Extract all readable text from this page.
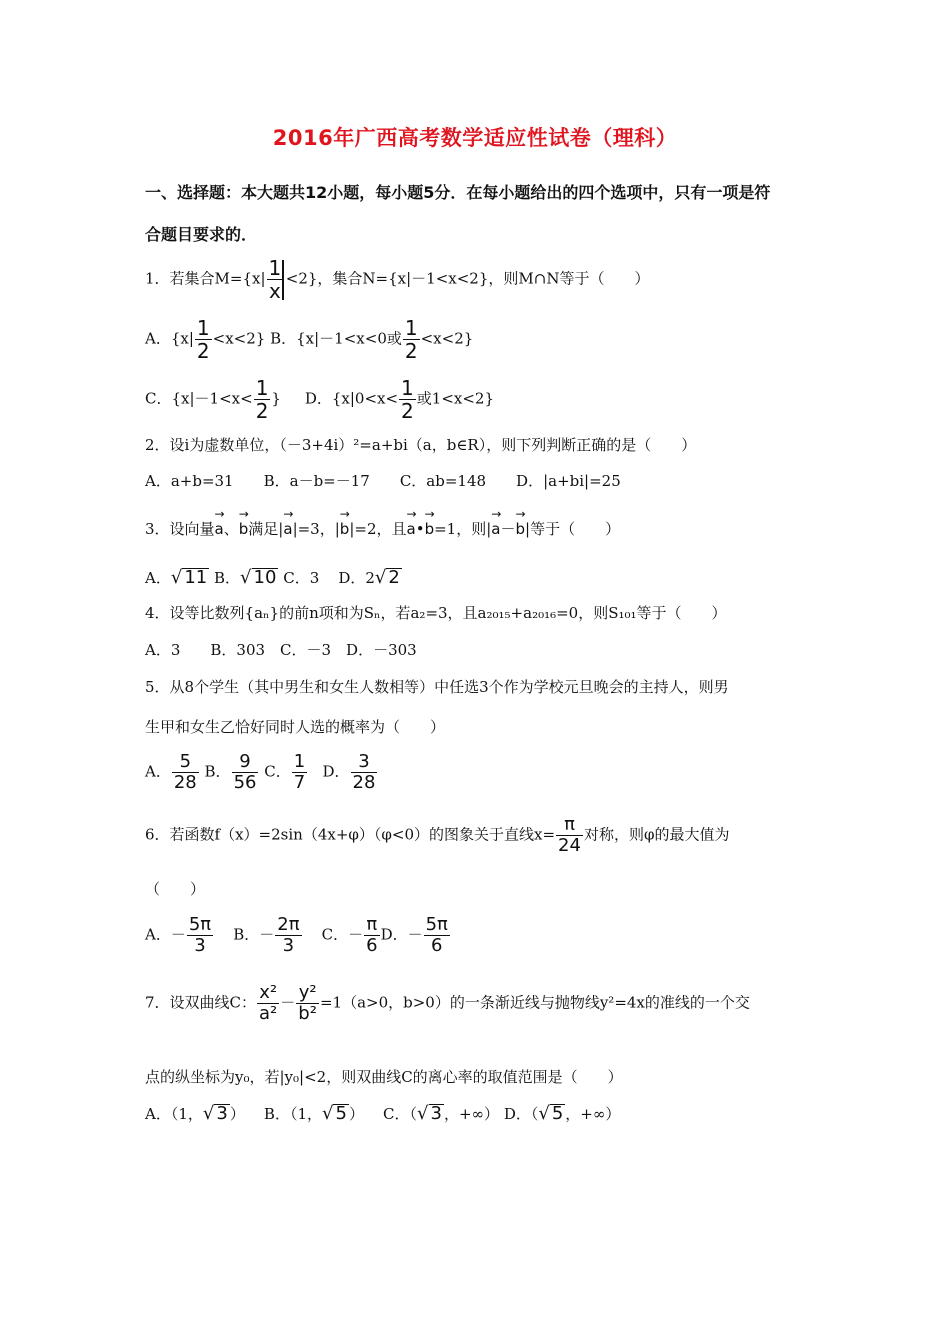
2016年广西高考数学适应性试卷（理科）
一、选择题：本大题共12小题，每小题5分．在每小题给出的四个选项中，只有一项是符
合题目要求的．
1．若集合$M=\{x| \frac{1}{x} <2\}$，集合N={x|－1<x<2}，则M∩N等于（　　）
A．$\{x| \frac{1}{2} <x<2\}$ B．{x|－1<x<0或 $\frac{1}{2} <x<2$}
C．{$x|-1<x< \frac{1}{2}$ } D．{$x|0<x< \frac{1}{2}$ 或1<x<2}
2．设i为虚数单位，（－3+4i）²=a+bi（a，b∈R），则下列判断正确的是（　　）
A．a+b=31　　B．a－b=－17　　C．ab=148　　D．|a+bi|=25
3．设向量→ a、→ b满足|→ a|=3，|→ b|=2，且→ a•→ b=1，则|→ a－→ b|等于（　　）
A．√ 11 B．√ 10 C．3 D．2√ 2
4．设等比数列{aₙ}的前n项和为Sₙ，若a₂=3，且a₂₀₁₅+a₂₀₁₆=0，则S₁₀₁等于（　　）
A．3　　B．303　C．－3　D．－303
5．从8个学生（其中男生和女生人数相等）中任选3个作为学校元旦晚会的主持人，则男
生甲和女生乙恰好同时人选的概率为（　　）
A． $\frac{5}{28}$ B． $\frac{9}{56}$ C． $\frac{1}{7}$ D． $\frac{3}{28}$
6．若函数f（x）=2sin（4x+φ）（φ<0）的图象关于直线$x= \frac{\pi}{24}$ 对称，则φ的最大值为
（　　）
A．－ $\frac{5\pi}{3}$ B．－ $\frac{2\pi}{3}$ C．－ $\frac{\pi}{6}$ D．－ $\frac{5\pi}{6}$
7．设双曲线C： $\frac{\text{x²}}{\text{a²}} - \frac{\text{y²}}{\text{b²}} =1(a>0$，b>0）的一条渐近线与抛物线y²=4x的准线的一个交
点的纵坐标为y₀，若|y₀|<2，则双曲线C的离心率的取值范围是（　　）
A．（1，√ 3 ） B．（1，√ 5 ） C．（√ 3 ，+∞） D．（√ 5 ，+∞）
